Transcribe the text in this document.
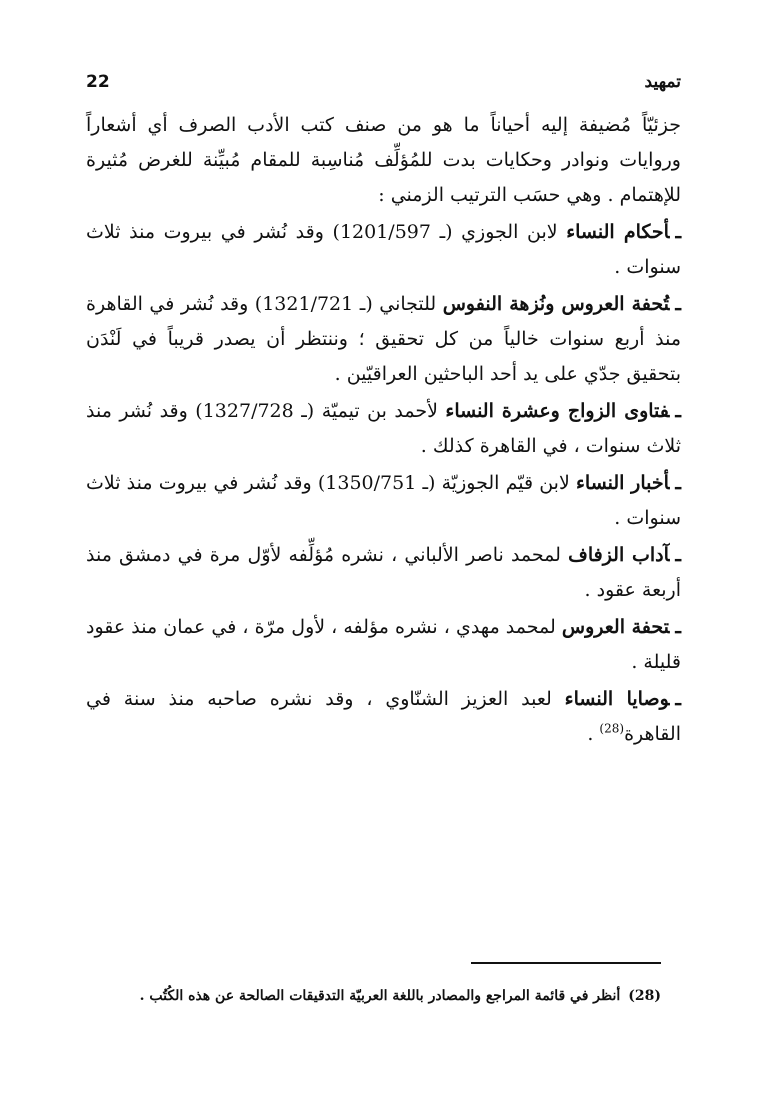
22	تمهيد

جزئيّاً مُضيفة إليه أحياناً ما هو من صنف كتب الأدب الصرف أي أشعاراً وروايات ونوادر وحكايات بدت للمُؤلِّف مُناسِبة للمقام مُبيِّنة للغرض مُثيرة للإهتمام . وهي حسَب الترتيب الزمني :

ـأحكام النساء لابن الجوزي (ـ 1201/597) وقد نُشر في بيروت منذ ثلاث سنوات .

ـتُحفة العروس ونُزهة النفوس للتجاني (ـ 1321/721) وقد نُشر في القاهرة منذ أربع سنوات خالياً من كل تحقيق ؛ وننتظر أن يصدر قريباً في لَنْدَن بتحقيق جدّي على يد أحد الباحثين العراقيّين .

ـفتاوى الزواج وعشرة النساء لأحمد بن تيميّة (ـ 1327/728) وقد نُشر منذ ثلاث سنوات ، في القاهرة كذلك .

ـأخبار النساء لابن قيّم الجوزيّة (ـ 1350/751) وقد نُشر في بيروت منذ ثلاث سنوات .

ـآداب الزفاف لمحمد ناصر الألباني ، نشره مُؤلِّفه لأوّل مرة في دمشق منذ أربعة عقود .

ـتحفة العروس لمحمد مهدي ، نشره مؤلفه ، لأول مرّة ، في عمان منذ عقود قليلة .

ـوصايا النساء لعبد العزيز الشنّاوي ، وقد نشره صاحبه منذ سنة في القاهرة$^{(28)}$ .

(28)أنظر في قائمة المراجع والمصادر باللغة العربيّة التدقيقات الصالحة عن هذه الكُتُب .
